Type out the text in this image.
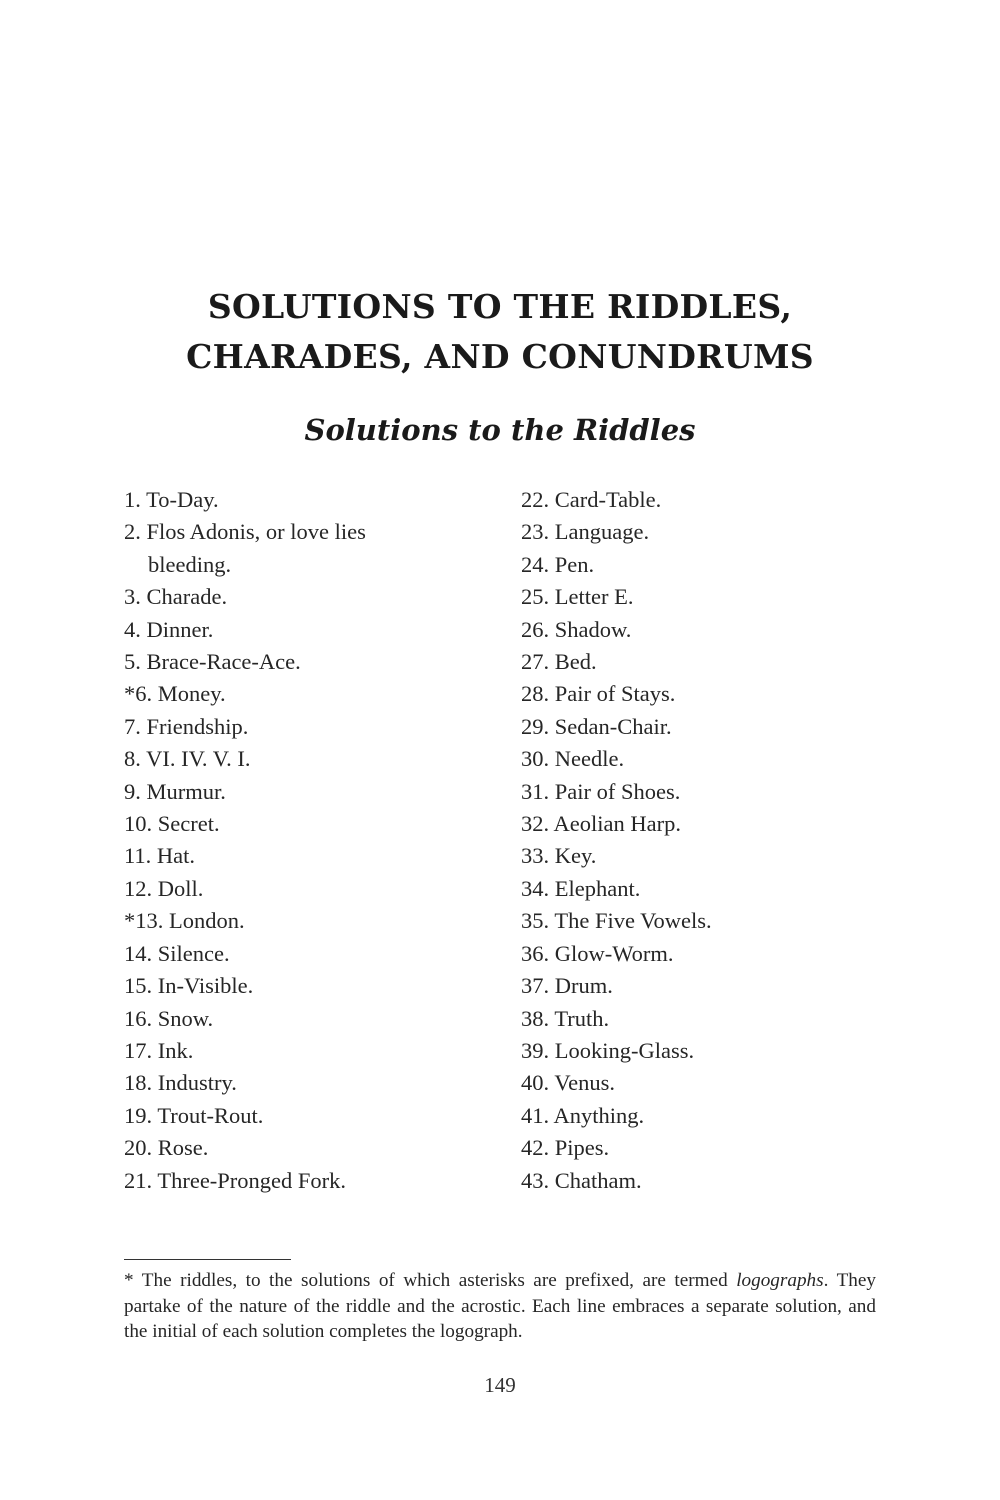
SOLUTIONS TO THE RIDDLES,
CHARADES, AND CONUNDRUMS
Solutions to the Riddles
1. To-Day.
2. Flos Adonis, or love lies bleeding.
3. Charade.
4. Dinner.
5. Brace-Race-Ace.
*6. Money.
7. Friendship.
8. VI. IV. V. I.
9. Murmur.
10. Secret.
11. Hat.
12. Doll.
*13. London.
14. Silence.
15. In-Visible.
16. Snow.
17. Ink.
18. Industry.
19. Trout-Rout.
20. Rose.
21. Three-Pronged Fork.
22. Card-Table.
23. Language.
24. Pen.
25. Letter E.
26. Shadow.
27. Bed.
28. Pair of Stays.
29. Sedan-Chair.
30. Needle.
31. Pair of Shoes.
32. Aeolian Harp.
33. Key.
34. Elephant.
35. The Five Vowels.
36. Glow-Worm.
37. Drum.
38. Truth.
39. Looking-Glass.
40. Venus.
41. Anything.
42. Pipes.
43. Chatham.

* The riddles, to the solutions of which asterisks are prefixed, are termed logographs. They partake of the nature of the riddle and the acrostic. Each line embraces a separate solution, and the initial of each solution completes the logograph.

149
